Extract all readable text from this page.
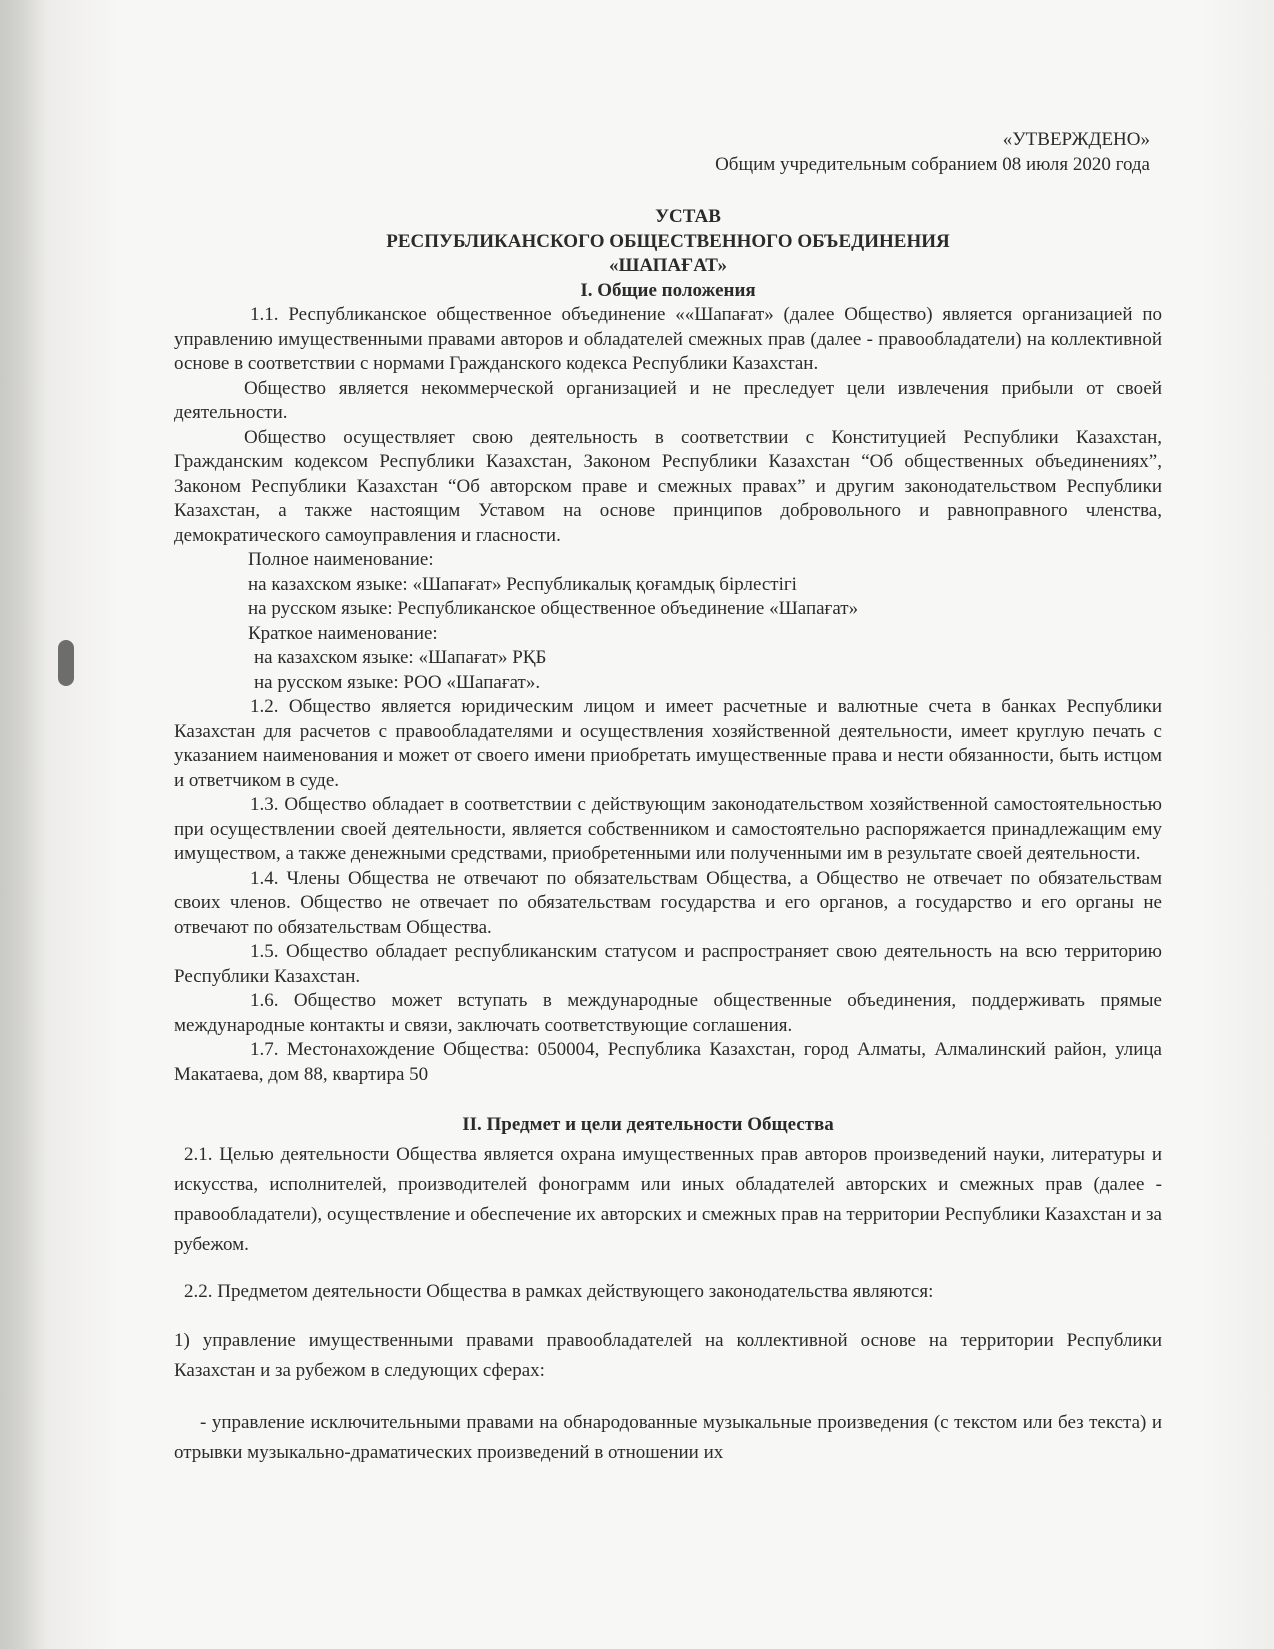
«УТВЕРЖДЕНО»
Общим учредительным собранием 08 июля 2020 года
УСТАВ
РЕСПУБЛИКАНСКОГО ОБЩЕСТВЕННОГО ОБЪЕДИНЕНИЯ
«ШАПАҒАТ»
I. Общие положения

1.1. Республиканское общественное объединение ««Шапағат» (далее Общество) является организацией по управлению имущественными правами авторов и обладателей смежных прав (далее - правообладатели) на коллективной основе в соответствии с нормами Гражданского кодекса Республики Казахстан.

Общество является некоммерческой организацией и не преследует цели извлечения прибыли от своей деятельности.

Общество осуществляет свою деятельность в соответствии с Конституцией Республики Казахстан, Гражданским кодексом Республики Казахстан, Законом Республики Казахстан “Об общественных объединениях”, Законом Республики Казахстан “Об авторском праве и смежных правах” и другим законодательством Республики Казахстан, а также настоящим Уставом на основе принципов добровольного и равноправного членства, демократического самоуправления и гласности.

Полное наименование:
на казахском языке: «Шапағат» Республикалық қоғамдық бірлестігі
на русском языке: Республиканское общественное объединение «Шапағат»
Краткое наименование:
на казахском языке: «Шапағат» РҚБ
на русском языке: РОО «Шапағат».

1.2. Общество является юридическим лицом и имеет расчетные и валютные счета в банках Республики Казахстан для расчетов с правообладателями и осуществления хозяйственной деятельности, имеет круглую печать с указанием наименования и может от своего имени приобретать имущественные права и нести обязанности, быть истцом и ответчиком в суде.

1.3. Общество обладает в соответствии с действующим законодательством хозяйственной самостоятельностью при осуществлении своей деятельности, является собственником и самостоятельно распоряжается принадлежащим ему имуществом, а также денежными средствами, приобретенными или полученными им в результате своей деятельности.

1.4. Члены Общества не отвечают по обязательствам Общества, а Общество не отвечает по обязательствам своих членов. Общество не отвечает по обязательствам государства и его органов, а государство и его органы не отвечают по обязательствам Общества.

1.5. Общество обладает республиканским статусом и распространяет свою деятельность на всю территорию Республики Казахстан.

1.6. Общество может вступать в международные общественные объединения, поддерживать прямые международные контакты и связи, заключать соответствующие соглашения.

1.7. Местонахождение Общества: 050004, Республика Казахстан, город Алматы, Алмалинский район, улица Макатаева, дом 88, квартира 50

II. Предмет и цели деятельности Общества

2.1. Целью деятельности Общества является охрана имущественных прав авторов произведений науки, литературы и искусства, исполнителей, производителей фонограмм или иных обладателей авторских и смежных прав (далее - правообладатели), осуществление и обеспечение их авторских и смежных прав на территории Республики Казахстан и за рубежом.

2.2. Предметом деятельности Общества в рамках действующего законодательства являются:

1) управление имущественными правами правообладателей на коллективной основе на территории Республики Казахстан и за рубежом в следующих сферах:

- управление исключительными правами на обнародованные музыкальные произведения (с текстом или без текста) и отрывки музыкально-драматических произведений в отношении их
